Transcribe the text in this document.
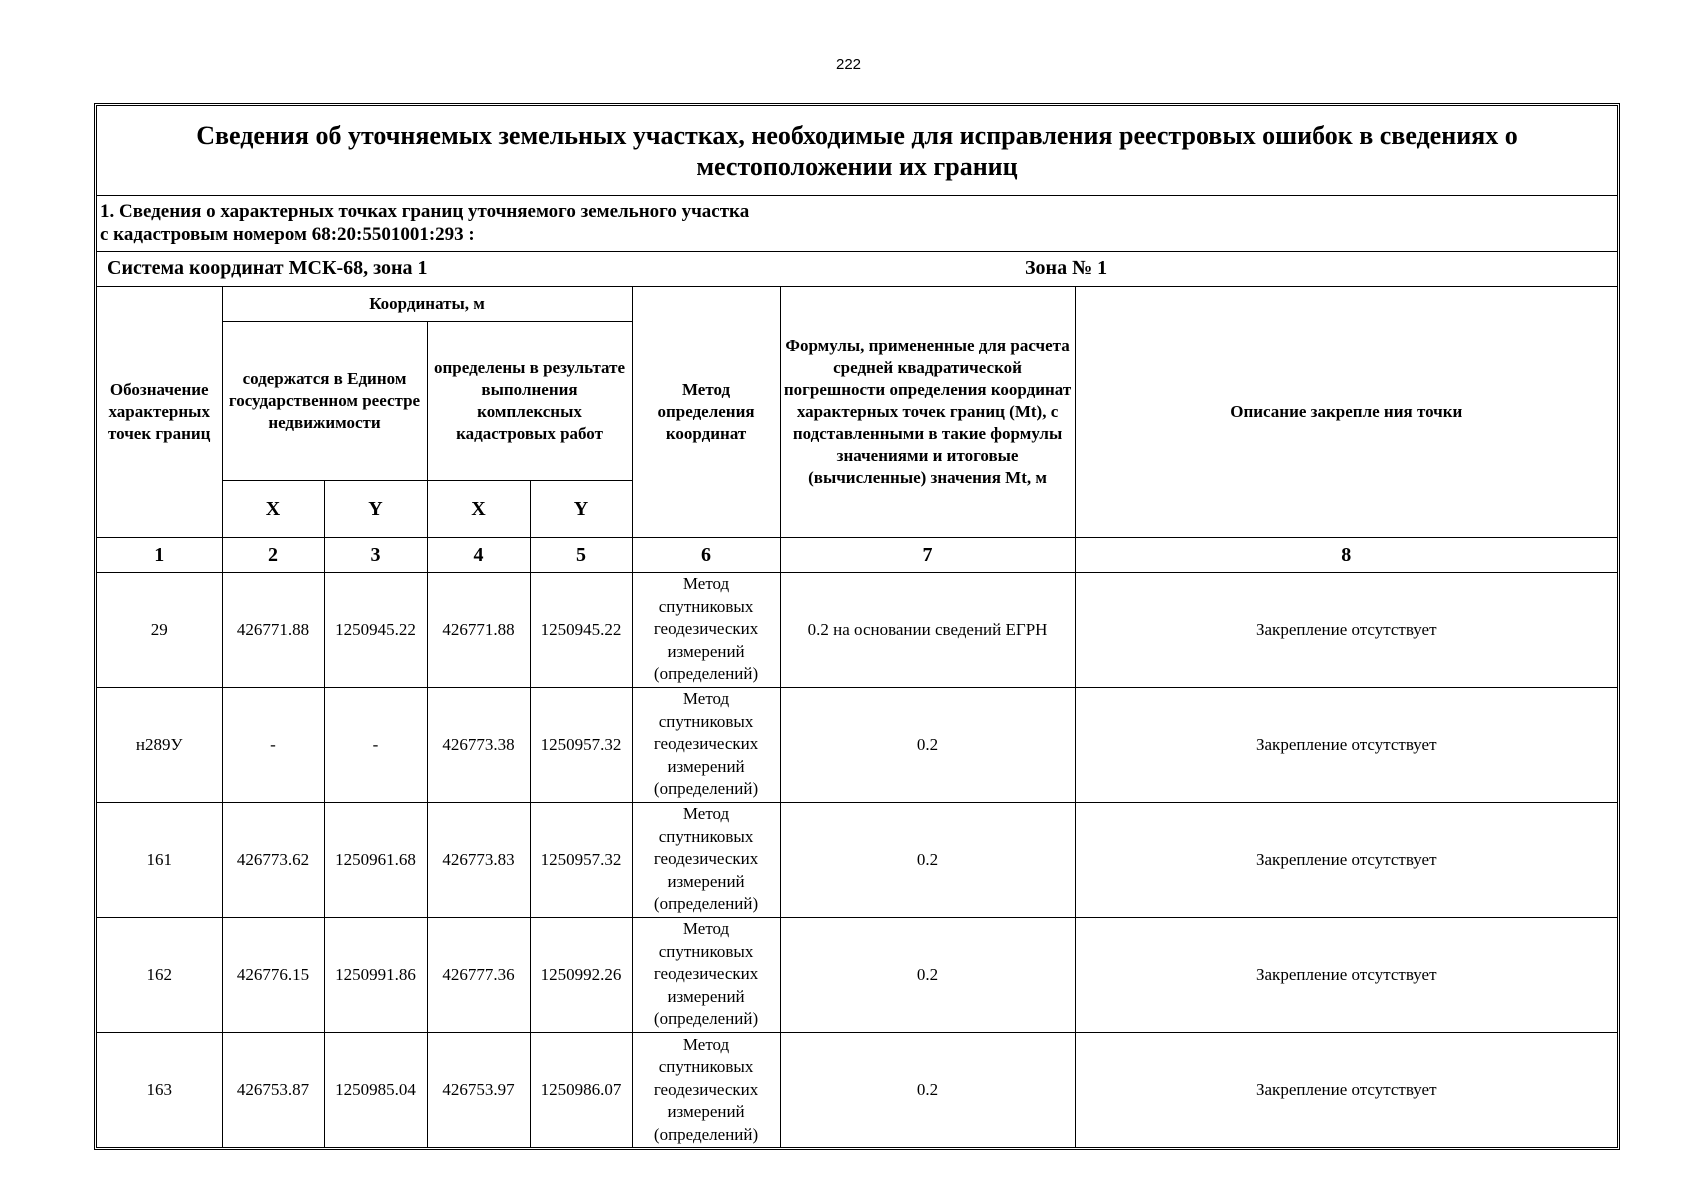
222
Сведения об уточняемых земельных участках, необходимые для исправления реестровых ошибок в сведениях о местоположении их границ
1. Сведения о характерных точках границ уточняемого земельного участка
с кадастровым номером 68:20:5501001:293 :
Система координат МСК-68, зона 1	Зона № 1
Обозначение характерных точек границ	Координаты, м				Метод определения координат	Формулы, примененные для расчета средней квадратической погрешности определения координат характерных точек границ (Mt), с подставленными в такие формулы значениями и итоговые (вычисленные) значения Mt, м	Описание закрепле ния точки
	содержатся в Едином государственном реестре недвижимости		определены в результате выполнения комплексных кадастровых работ				
	X	Y	X	Y			
1	2	3	4	5	6	7	8
29	426771.88	1250945.22	426771.88	1250945.22	Метод спутниковых геодезических измерений (определений)	0.2 на основании сведений ЕГРН	Закрепление отсутствует
н289У	-	-	426773.38	1250957.32	Метод спутниковых геодезических измерений (определений)	0.2	Закрепление отсутствует
161	426773.62	1250961.68	426773.83	1250957.32	Метод спутниковых геодезических измерений (определений)	0.2	Закрепление отсутствует
162	426776.15	1250991.86	426777.36	1250992.26	Метод спутниковых геодезических измерений (определений)	0.2	Закрепление отсутствует
163	426753.87	1250985.04	426753.97	1250986.07	Метод спутниковых геодезических измерений (определений)	0.2	Закрепление отсутствует
